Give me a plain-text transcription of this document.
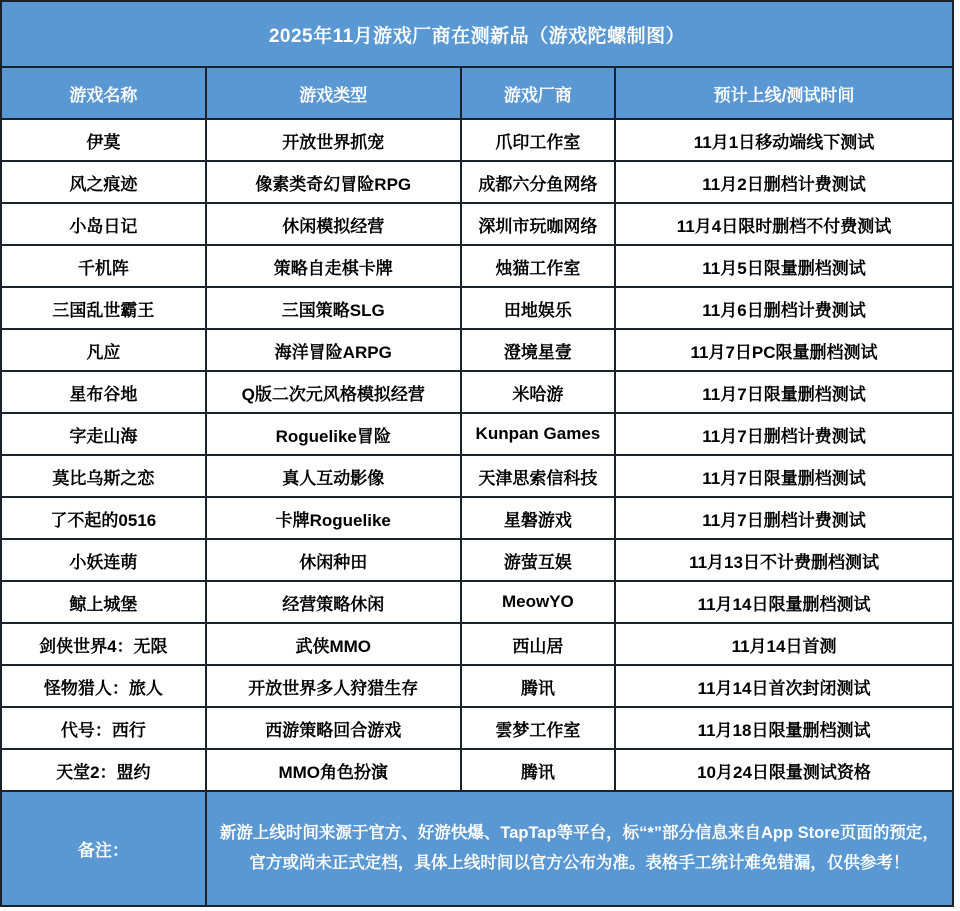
2025年11月游戏厂商在测新品（游戏陀螺制图）			
游戏名称	游戏类型	游戏厂商	预计上线/测试时间
伊莫	开放世界抓宠	爪印工作室	11月1日移动端线下测试
风之痕迹	像素类奇幻冒险RPG	成都六分鱼网络	11月2日删档计费测试
小岛日记	休闲模拟经营	深圳市玩咖网络	11月4日限时删档不付费测试
千机阵	策略自走棋卡牌	烛猫工作室	11月5日限量删档测试
三国乱世霸王	三国策略SLG	田地娱乐	11月6日删档计费测试
凡应	海洋冒险ARPG	澄境星壹	11月7日PC限量删档测试
星布谷地	Q版二次元风格模拟经营	米哈游	11月7日限量删档测试
字走山海	Roguelike冒险	Kunpan Games	11月7日删档计费测试
莫比乌斯之恋	真人互动影像	天津思索信科技	11月7日限量删档测试
了不起的0516	卡牌Roguelike	星磐游戏	11月7日删档计费测试
小妖连萌	休闲种田	游萤互娱	11月13日不计费删档测试
鲸上城堡	经营策略休闲	MeowYO	11月14日限量删档测试
剑侠世界4：无限	武侠MMO	西山居	11月14日首测
怪物猎人：旅人	开放世界多人狩猎生存	腾讯	11月14日首次封闭测试
代号：西行	西游策略回合游戏	雲梦工作室	11月18日限量删档测试
天堂2：盟约	MMO角色扮演	腾讯	10月24日限量测试资格
备注：	新游上线时间来源于官方、好游快爆、TapTap等平台，标“*”部分信息来自App Store页面的预定，官方或尚未正式定档，具体上线时间以官方公布为准。表格手工统计难免错漏，仅供参考！		
